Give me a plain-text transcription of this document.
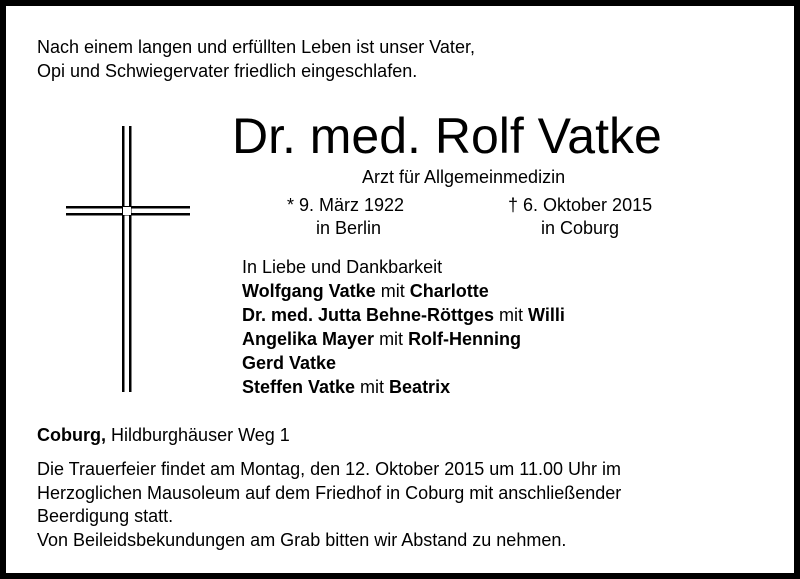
Nach einem langen und erfüllten Leben ist unser Vater,
Opi und Schwiegervater friedlich eingeschlafen.
Dr. med. Rolf Vatke
Arzt für Allgemeinmedizin
* 9. März 1922
in Berlin
† 6. Oktober 2015
in Coburg
In Liebe und Dankbarkeit
Wolfgang Vatke mit Charlotte
Dr. med. Jutta Behne-Röttges mit Willi
Angelika Mayer mit Rolf-Henning
Gerd Vatke
Steffen Vatke mit Beatrix
Coburg, Hildburghäuser Weg 1
Die Trauerfeier findet am Montag, den 12. Oktober 2015 um 11.00 Uhr im
Herzoglichen Mausoleum auf dem Friedhof in Coburg mit anschließender
Beerdigung statt.
Von Beileidsbekundungen am Grab bitten wir Abstand zu nehmen.
